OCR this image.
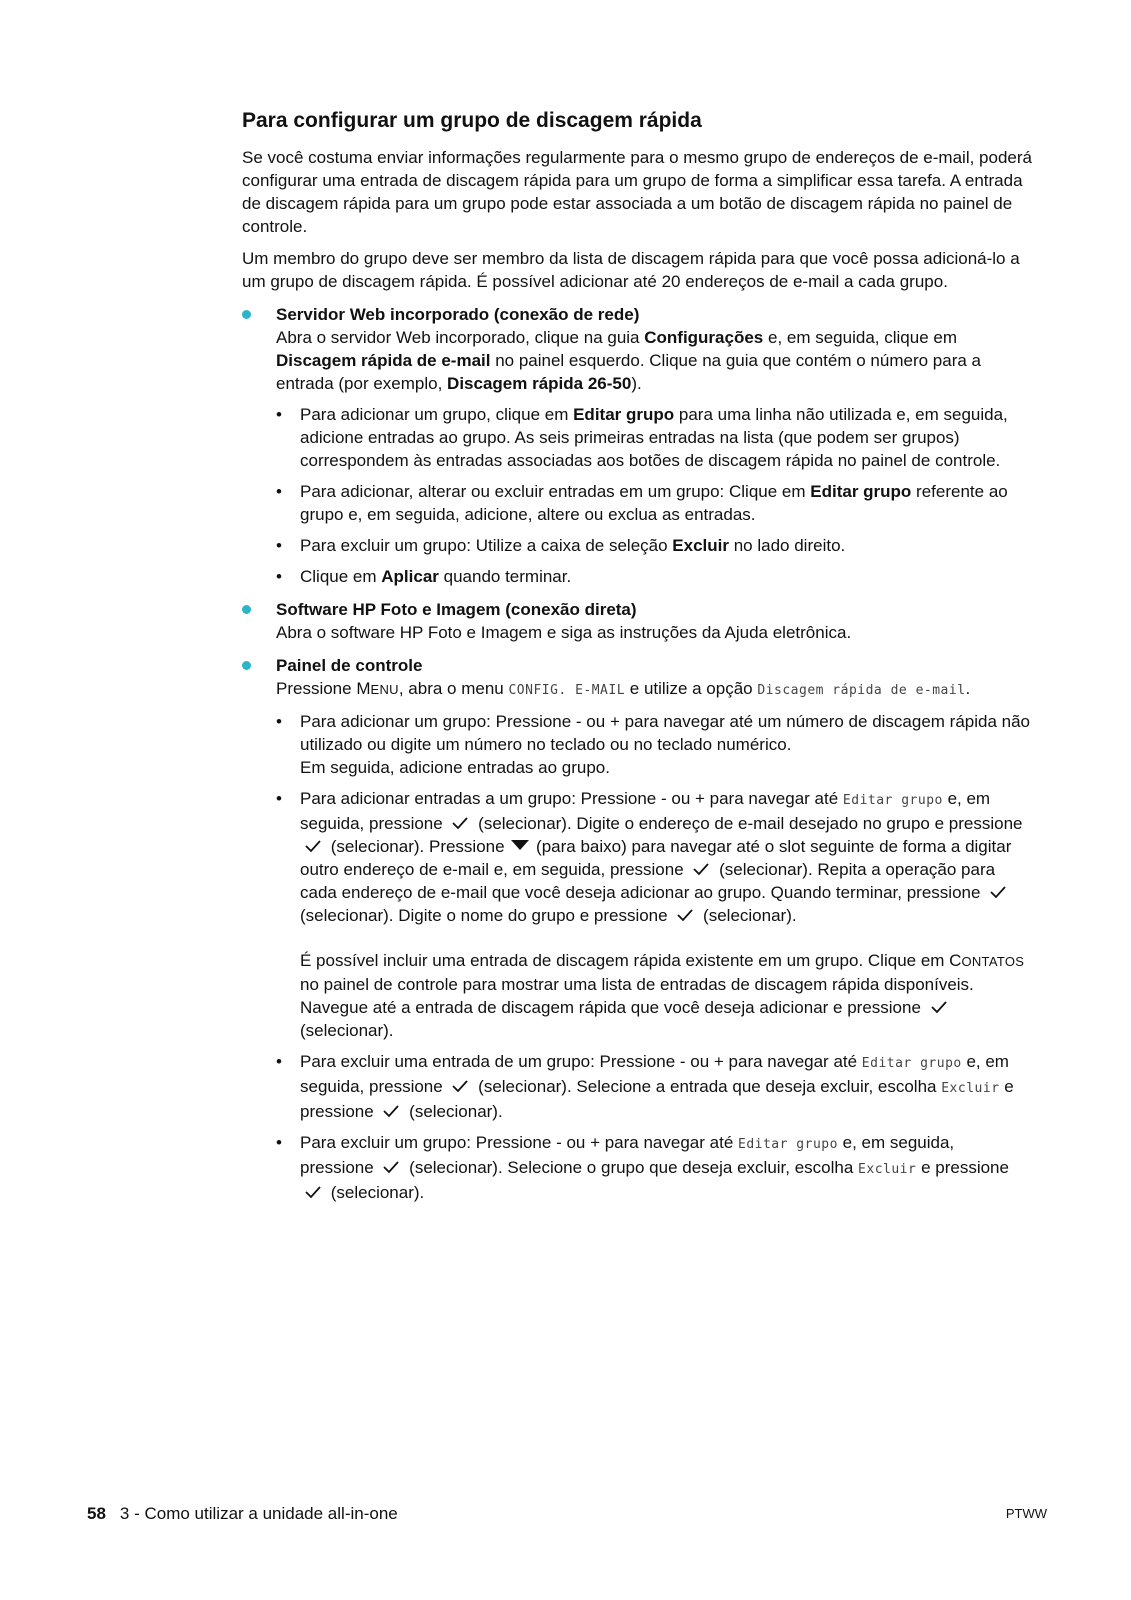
Para configurar um grupo de discagem rápida

Se você costuma enviar informações regularmente para o mesmo grupo de endereços de e-mail, poderá configurar uma entrada de discagem rápida para um grupo de forma a simplificar essa tarefa. A entrada de discagem rápida para um grupo pode estar associada a um botão de discagem rápida no painel de controle.

Um membro do grupo deve ser membro da lista de discagem rápida para que você possa adicioná-lo a um grupo de discagem rápida. É possível adicionar até 20 endereços de e-mail a cada grupo.

Servidor Web incorporado (conexão de rede)
Abra o servidor Web incorporado, clique na guia Configurações e, em seguida, clique em Discagem rápida de e-mail no painel esquerdo. Clique na guia que contém o número para a entrada (por exemplo, Discagem rápida 26-50).
• Para adicionar um grupo, clique em Editar grupo para uma linha não utilizada e, em seguida, adicione entradas ao grupo. As seis primeiras entradas na lista (que podem ser grupos) correspondem às entradas associadas aos botões de discagem rápida no painel de controle.
• Para adicionar, alterar ou excluir entradas em um grupo: Clique em Editar grupo referente ao grupo e, em seguida, adicione, altere ou exclua as entradas.
• Para excluir um grupo: Utilize a caixa de seleção Excluir no lado direito.
• Clique em Aplicar quando terminar.
Software HP Foto e Imagem (conexão direta)
Abra o software HP Foto e Imagem e siga as instruções da Ajuda eletrônica.
Painel de controle
Pressione MENU, abra o menu CONFIG. E-MAIL e utilize a opção Discagem rápida de e-mail.
• Para adicionar um grupo: Pressione - ou + para navegar até um número de discagem rápida não utilizado ou digite um número no teclado ou no teclado numérico.
Em seguida, adicione entradas ao grupo.
• Para adicionar entradas a um grupo: Pressione - ou + para navegar até Editar grupo e, em seguida, pressione
(selecionar). Digite o endereço de e-mail desejado no grupo e pressione
(selecionar). Pressione  (para baixo) para navegar até o slot seguinte de forma a digitar outro endereço de e-mail e, em seguida, pressione
(selecionar). Repita a operação para cada endereço de e-mail que você deseja adicionar ao grupo. Quando terminar, pressione
(selecionar). Digite o nome do grupo e pressione
(selecionar).
É possível incluir uma entrada de discagem rápida existente em um grupo. Clique em CONTATOS no painel de controle para mostrar uma lista de entradas de discagem rápida disponíveis. Navegue até a entrada de discagem rápida que você deseja adicionar e pressione
(selecionar).
• Para excluir uma entrada de um grupo: Pressione - ou + para navegar até Editar grupo e, em seguida, pressione
(selecionar). Selecione a entrada que deseja excluir, escolha Excluir e pressione
(selecionar).
• Para excluir um grupo: Pressione - ou + para navegar até Editar grupo e, em seguida, pressione
(selecionar). Selecione o grupo que deseja excluir, escolha Excluir e pressione
(selecionar).
58 3 - Como utilizar a unidade all-in-one	PTWW
